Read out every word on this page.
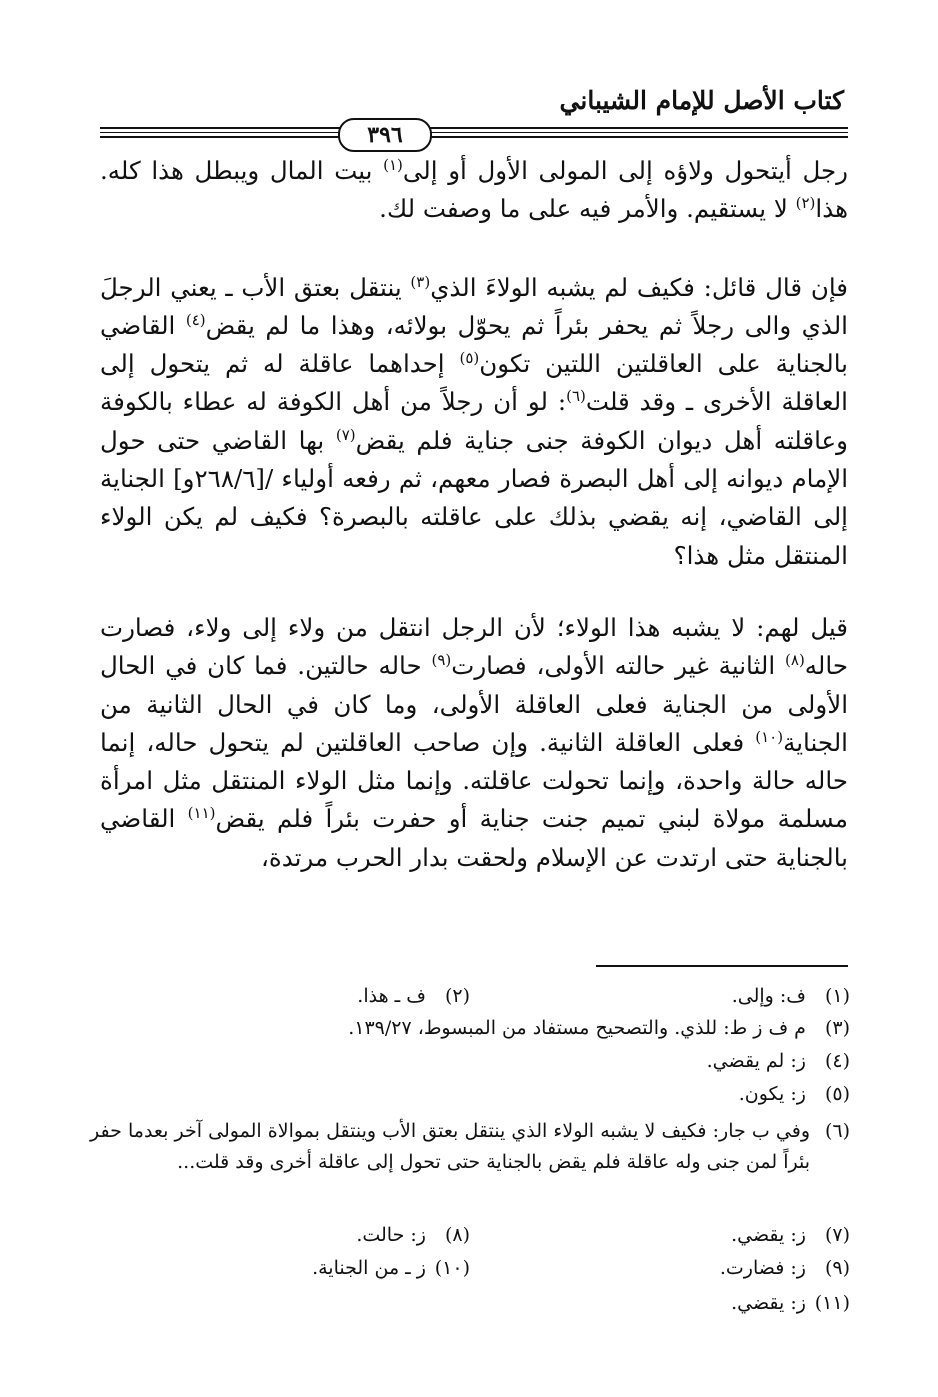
كتاب الأصل للإمام الشيباني
٣٩٦

رجل أيتحول ولاؤه إلى المولى الأول أو إلى$^{(١)}$ بيت المال ويبطل هذا كله. هذا$^{(٢)}$ لا يستقيم. والأمر فيه على ما وصفت لك.

فإن قال قائل: فكيف لم يشبه الولاءَ الذي$^{(٣)}$ ينتقل بعتق الأب ـ يعني الرجلَ الذي والى رجلاً ثم يحفر بئراً ثم يحوّل بولائه، وهذا ما لم يقض$^{(٤)}$ القاضي بالجناية على العاقلتين اللتين تكون$^{(٥)}$ إحداهما عاقلة له ثم يتحول إلى العاقلة الأخرى ـ وقد قلت$^{(٦)}$: لو أن رجلاً من أهل الكوفة له عطاء بالكوفة وعاقلته أهل ديوان الكوفة جنى جناية فلم يقض$^{(٧)}$ بها القاضي حتى حول الإمام ديوانه إلى أهل البصرة فصار معهم، ثم رفعه أولياء /[٢٦٨/٦و] الجناية إلى القاضي، إنه يقضي بذلك على عاقلته بالبصرة؟ فكيف لم يكن الولاء المنتقل مثل هذا؟

قيل لهم: لا يشبه هذا الولاء؛ لأن الرجل انتقل من ولاء إلى ولاء، فصارت حاله$^{(٨)}$ الثانية غير حالته الأولى، فصارت$^{(٩)}$ حاله حالتين. فما كان في الحال الأولى من الجناية فعلى العاقلة الأولى، وما كان في الحال الثانية من الجناية$^{(١٠)}$ فعلى العاقلة الثانية. وإن صاحب العاقلتين لم يتحول حاله، إنما حاله حالة واحدة، وإنما تحولت عاقلته. وإنما مثل الولاء المنتقل مثل امرأة مسلمة مولاة لبني تميم جنت جناية أو حفرت بئراً فلم يقض$^{(١١)}$ القاضي بالجناية حتى ارتدت عن الإسلام ولحقت بدار الحرب مرتدة،

(١) ف: وإلى.
(٢) ف ـ هذا.
(٣) م ف ز ط: للذي. والتصحيح مستفاد من المبسوط، ١٣٩/٢٧.
(٤) ز: لم يقضي.
(٥) ز: يكون.
(٦)
وفي ب جار: فكيف لا يشبه الولاء الذي ينتقل بعتق الأب وينتقل بموالاة المولى آخر بعدما حفر بئراً لمن جنى وله عاقلة فلم يقض بالجناية حتى تحول إلى عاقلة أخرى وقد قلت...
(٧) ز: يقضي.
(٨) ز: حالت.
(٩) ز: فضارت.
(١٠) ز ـ من الجناية.
(١١) ز: يقضي.
